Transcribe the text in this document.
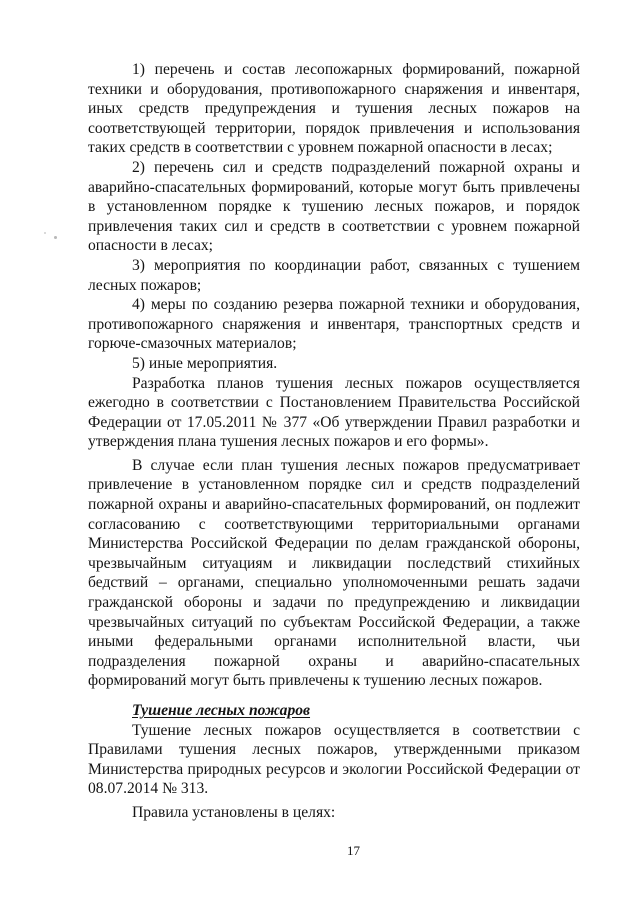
1) перечень и состав лесопожарных формирований, пожарной техники и оборудования, противопожарного снаряжения и инвентаря, иных средств предупреждения и тушения лесных пожаров на соответствующей территории, порядок привлечения и использования таких средств в соответствии с уровнем пожарной опасности в лесах;

2) перечень сил и средств подразделений пожарной охраны и аварийно-спасательных формирований, которые могут быть привлечены в установленном порядке к тушению лесных пожаров, и порядок привлечения таких сил и средств в соответствии с уровнем пожарной опасности в лесах;

3) мероприятия по координации работ, связанных с тушением лесных пожаров;

4) меры по созданию резерва пожарной техники и оборудования, противопожарного снаряжения и инвентаря, транспортных средств и горюче-смазочных материалов;

5) иные мероприятия.

Разработка планов тушения лесных пожаров осуществляется ежегодно в соответствии с Постановлением Правительства Российской Федерации от 17.05.2011 № 377 «Об утверждении Правил разработки и утверждения плана тушения лесных пожаров и его формы».

В случае если план тушения лесных пожаров предусматривает привлечение в установленном порядке сил и средств подразделений пожарной охраны и аварийно-спасательных формирований, он подлежит согласованию с соответствующими территориальными органами Министерства Российской Федерации по делам гражданской обороны, чрезвычайным ситуациям и ликвидации последствий стихийных бедствий – органами, специально уполномоченными решать задачи гражданской обороны и задачи по предупреждению и ликвидации чрезвычайных ситуаций по субъектам Российской Федерации, а также иными федеральными органами исполнительной власти, чьи подразделения пожарной охраны и аварийно-спасательных формирований могут быть привлечены к тушению лесных пожаров.

Тушение лесных пожаров

Тушение лесных пожаров осуществляется в соответствии с Правилами тушения лесных пожаров, утвержденными приказом Министерства природных ресурсов и экологии Российской Федерации от 08.07.2014 № 313.

Правила установлены в целях:

17
